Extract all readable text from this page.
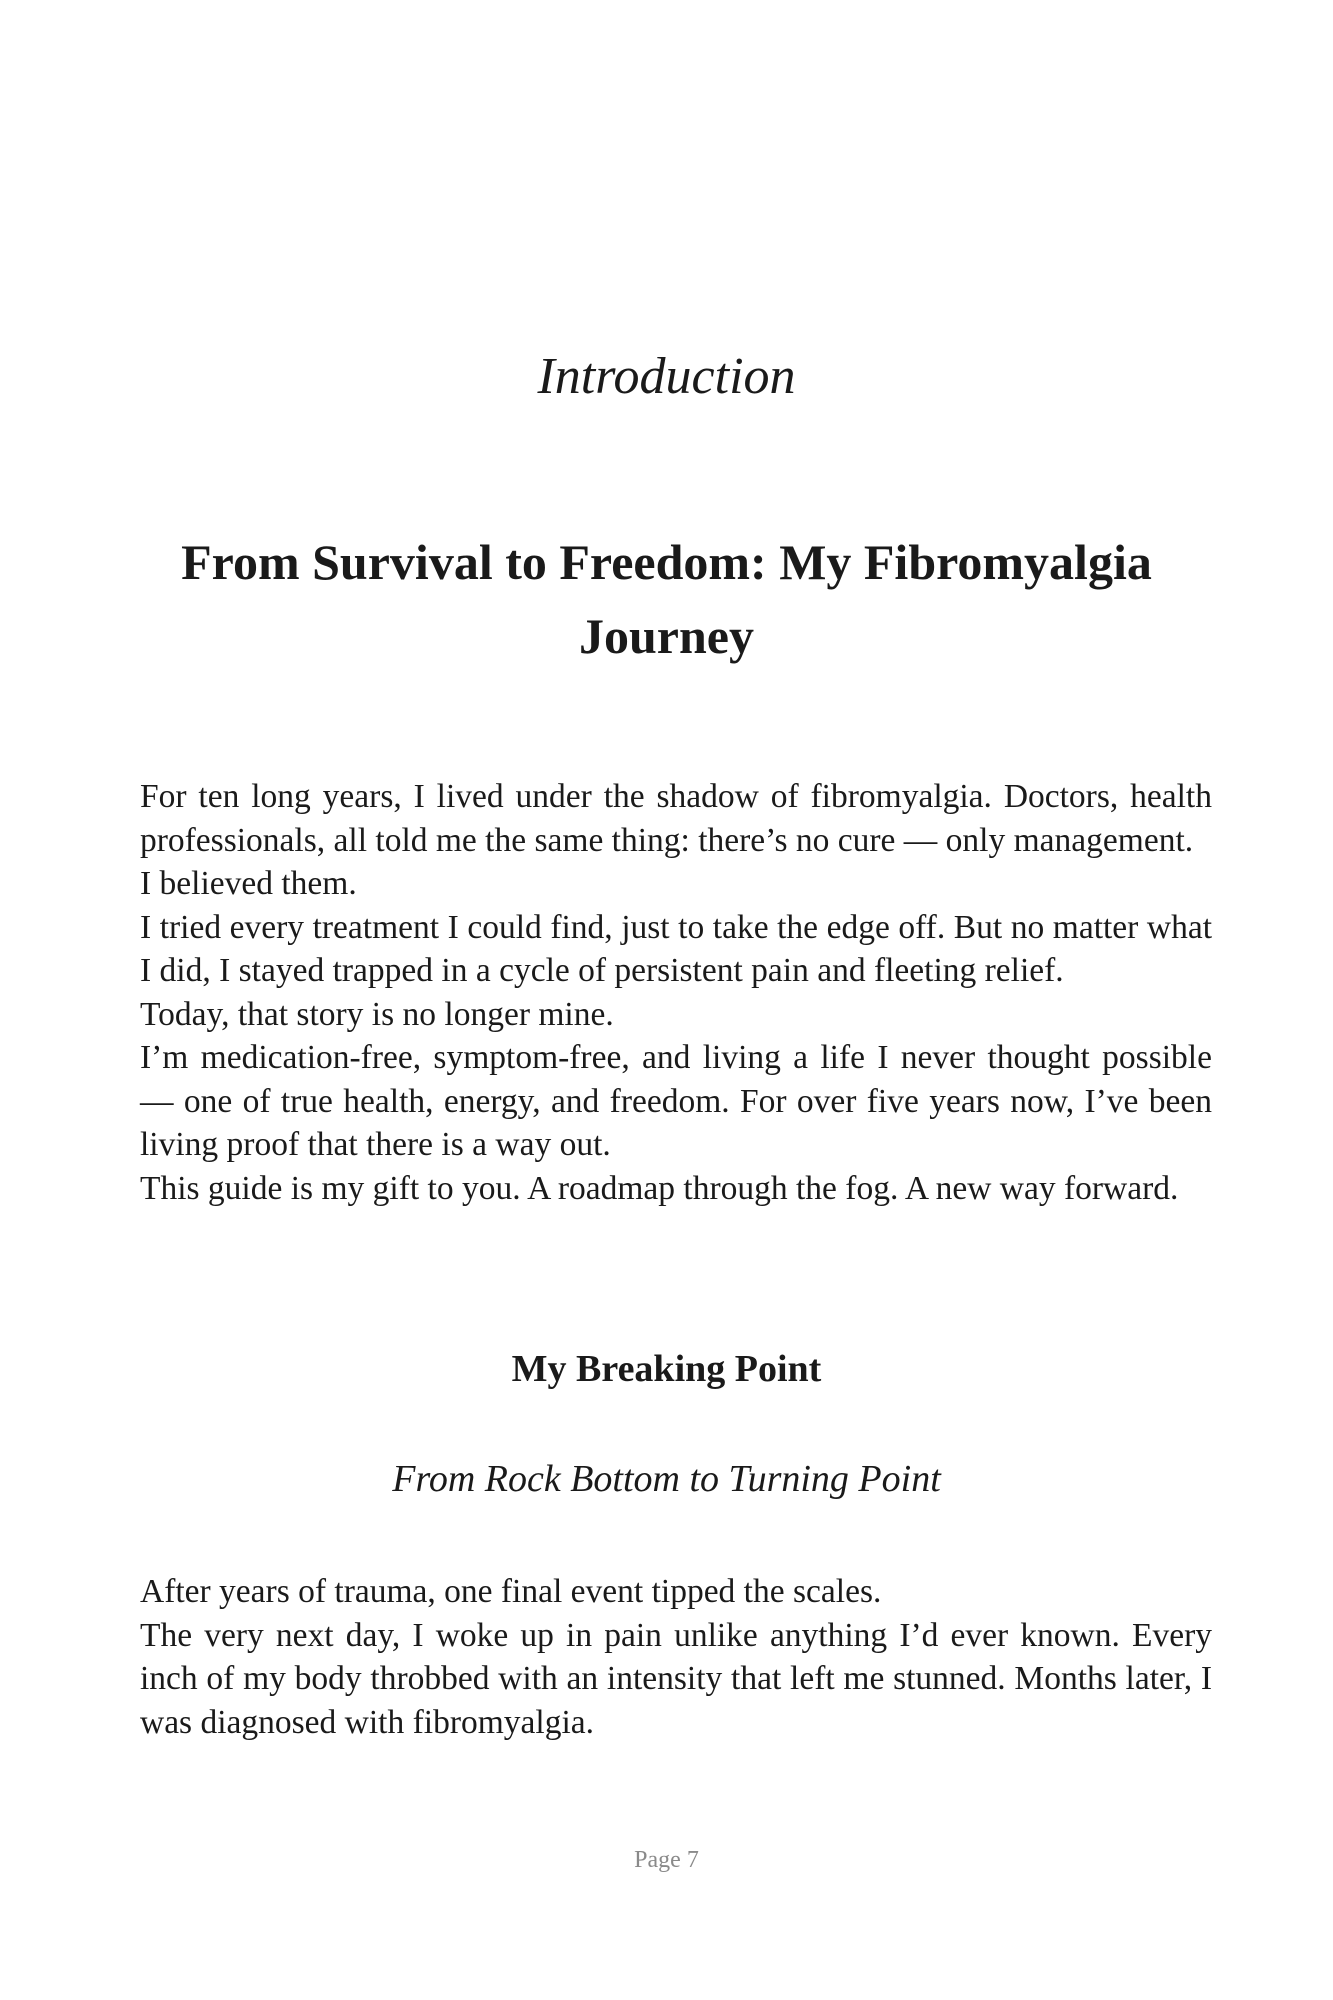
Introduction
From Survival to Freedom: My Fibromyalgia Journey

For ten long years, I lived under the shadow of fibromyalgia. Doctors, health professionals, all told me the same thing: there’s no cure — only management.

I believed them.

I tried every treatment I could find, just to take the edge off. But no matter what I did, I stayed trapped in a cycle of persistent pain and fleeting relief.

Today, that story is no longer mine.

I’m medication-free, symptom-free, and living a life I never thought possible — one of true health, energy, and freedom. For over five years now, I’ve been living proof that there is a way out.

This guide is my gift to you. A roadmap through the fog. A new way forward.

My Breaking Point
From Rock Bottom to Turning Point

After years of trauma, one final event tipped the scales.

The very next day, I woke up in pain unlike anything I’d ever known. Every inch of my body throbbed with an intensity that left me stunned. Months later, I was diagnosed with fibromyalgia.

Page 7
